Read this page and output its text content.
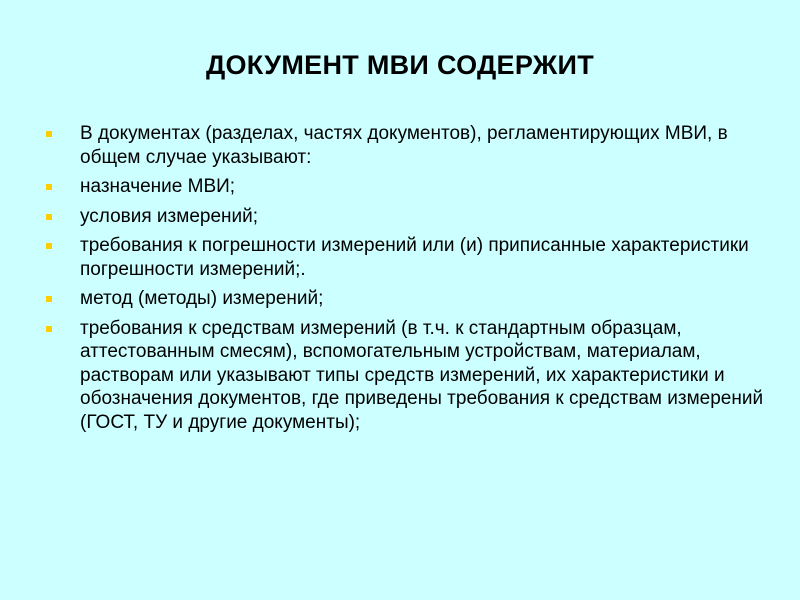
ДОКУМЕНТ МВИ СОДЕРЖИТ
В документах (разделах, частях документов), регламентирующих МВИ, в общем случае указывают:
назначение МВИ;
условия измерений;
требования к погрешности измерений или (и) приписанные характеристики погрешности измерений;.
метод (методы) измерений;
требования к средствам измерений (в т.ч. к стандартным образцам, аттестованным смесям), вспомогательным устройствам, материалам, растворам или указывают типы средств измерений, их характеристики и обозначения документов, где приведены требования к средствам измерений (ГОСТ, ТУ и другие документы);
